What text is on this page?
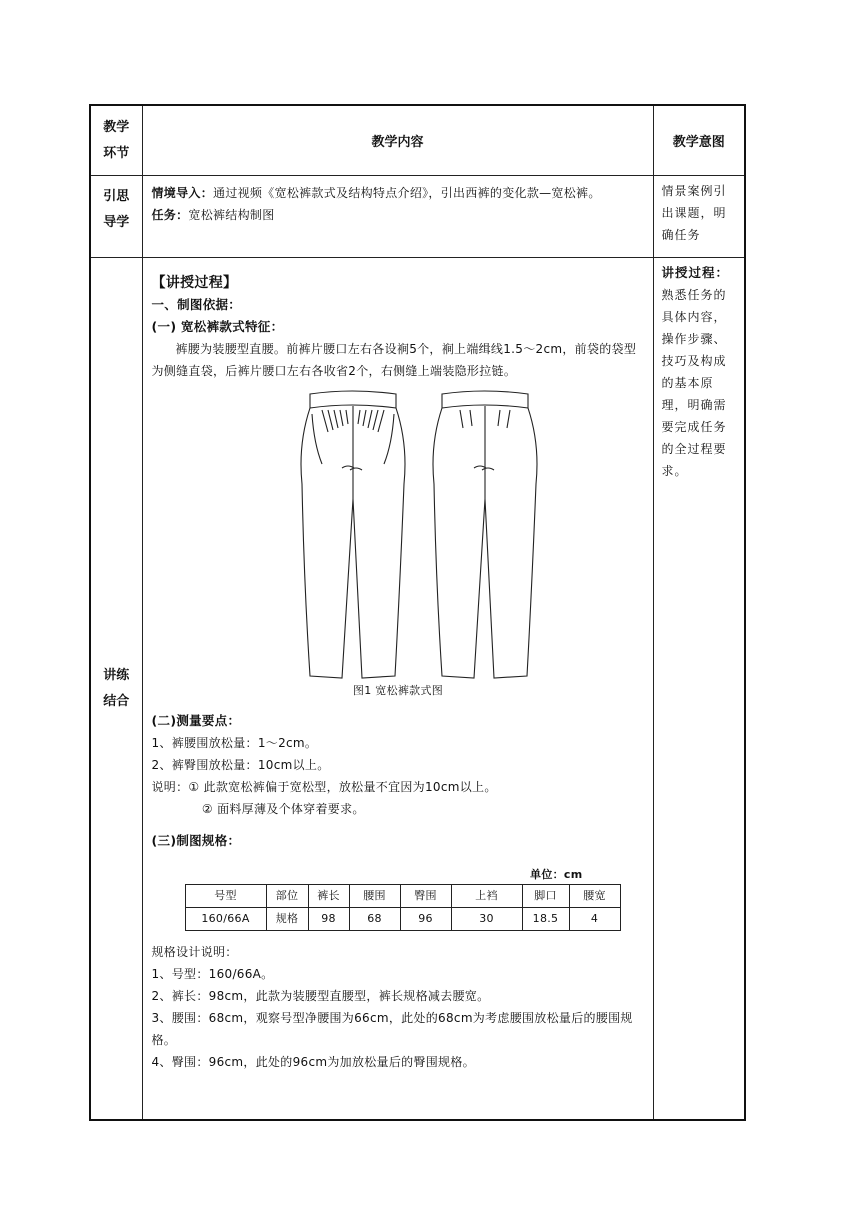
教学
环节
	教学内容	教学意图

引思
导学

情境导入：通过视频《宽松裤款式及结构特点介绍》，引出西裤的变化款—宽松裤。
任务：宽松裤结构制图
	情景案例引出课题，明确任务

讲练
结合

【讲授过程】
一、制图依据：
(一) 宽松裤款式特征：
裤腰为装腰型直腰。前裤片腰口左右各设裥5个，裥上端缉线1.5～2cm，前袋的袋型为侧缝直袋，后裤片腰口左右各收省2个，右侧缝上端装隐形拉链。
图1 宽松裤款式图
(二)测量要点：
1、裤腰围放松量：1～2cm。
2、裤臀围放松量：10cm以上。
说明：① 此款宽松裤偏于宽松型，放松量不宜因为10cm以上。
② 面料厚薄及个体穿着要求。
(三)制图规格：
单位：cm
号型	部位	裤长	腰围	臀围	上裆	脚口	腰宽
160/66A	规格	98	68	96	30	18.5	4
规格设计说明：
1、号型：160/66A。
2、裤长：98cm，此款为装腰型直腰型，裤长规格减去腰宽。
3、腰围：68cm，观察号型净腰围为66cm，此处的68cm为考虑腰围放松量后的腰围规格。
4、臀围：96cm，此处的96cm为加放松量后的臀围规格。

讲授过程：
熟悉任务的具体内容，操作步骤、技巧及构成的基本原理，明确需要完成任务的全过程要求。
